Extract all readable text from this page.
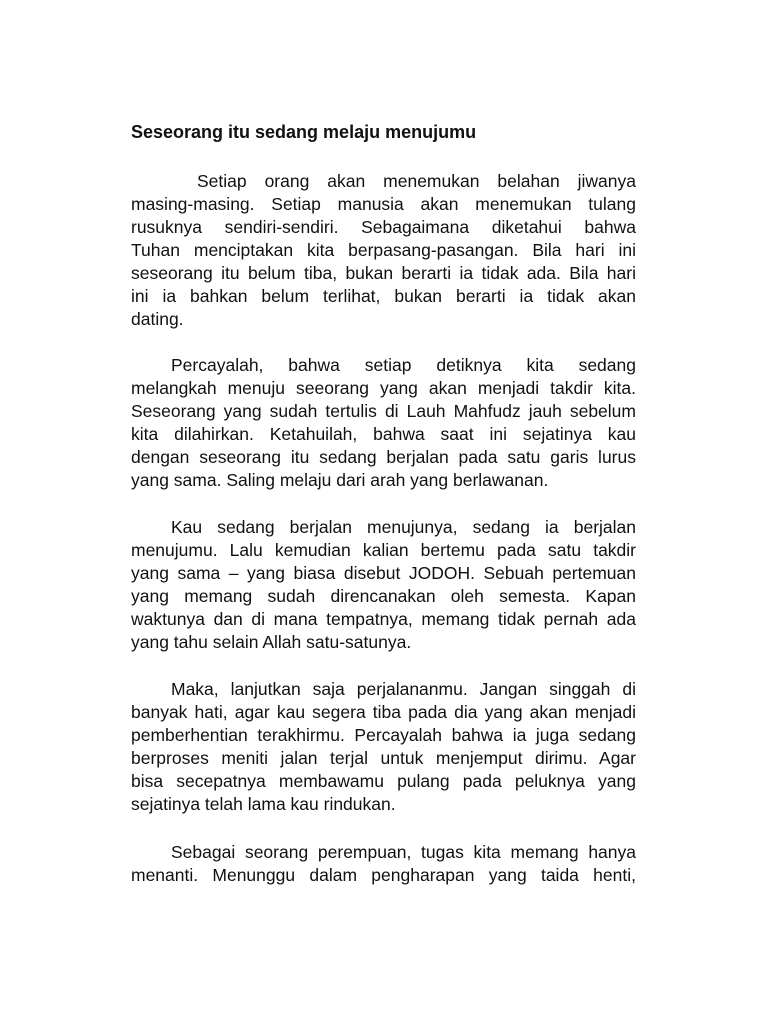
Seseorang itu sedang melaju menujumu
Setiap orang akan menemukan belahan jiwanya
masing-masing. Setiap manusia akan menemukan tulang
rusuknya sendiri-sendiri. Sebagaimana diketahui bahwa
Tuhan menciptakan kita berpasang-pasangan. Bila hari ini
seseorang itu belum tiba, bukan berarti ia tidak ada. Bila hari
ini ia bahkan belum terlihat, bukan berarti ia tidak akan
dating.
Percayalah, bahwa setiap detiknya kita sedang
melangkah menuju seeorang yang akan menjadi takdir kita.
Seseorang yang sudah tertulis di Lauh Mahfudz jauh sebelum
kita dilahirkan. Ketahuilah, bahwa saat ini sejatinya kau
dengan seseorang itu sedang berjalan pada satu garis lurus
yang sama. Saling melaju dari arah yang berlawanan.
Kau sedang berjalan menujunya, sedang ia berjalan
menujumu. Lalu kemudian kalian bertemu pada satu takdir
yang sama – yang biasa disebut JODOH. Sebuah pertemuan
yang memang sudah direncanakan oleh semesta. Kapan
waktunya dan di mana tempatnya, memang tidak pernah ada
yang tahu selain Allah satu-satunya.
Maka, lanjutkan saja perjalananmu. Jangan singgah di
banyak hati, agar kau segera tiba pada dia yang akan menjadi
pemberhentian terakhirmu. Percayalah bahwa ia juga sedang
berproses meniti jalan terjal untuk menjemput dirimu. Agar
bisa secepatnya membawamu pulang pada peluknya yang
sejatinya telah lama kau rindukan.
Sebagai seorang perempuan, tugas kita memang hanya
menanti. Menunggu dalam pengharapan yang taida henti,
